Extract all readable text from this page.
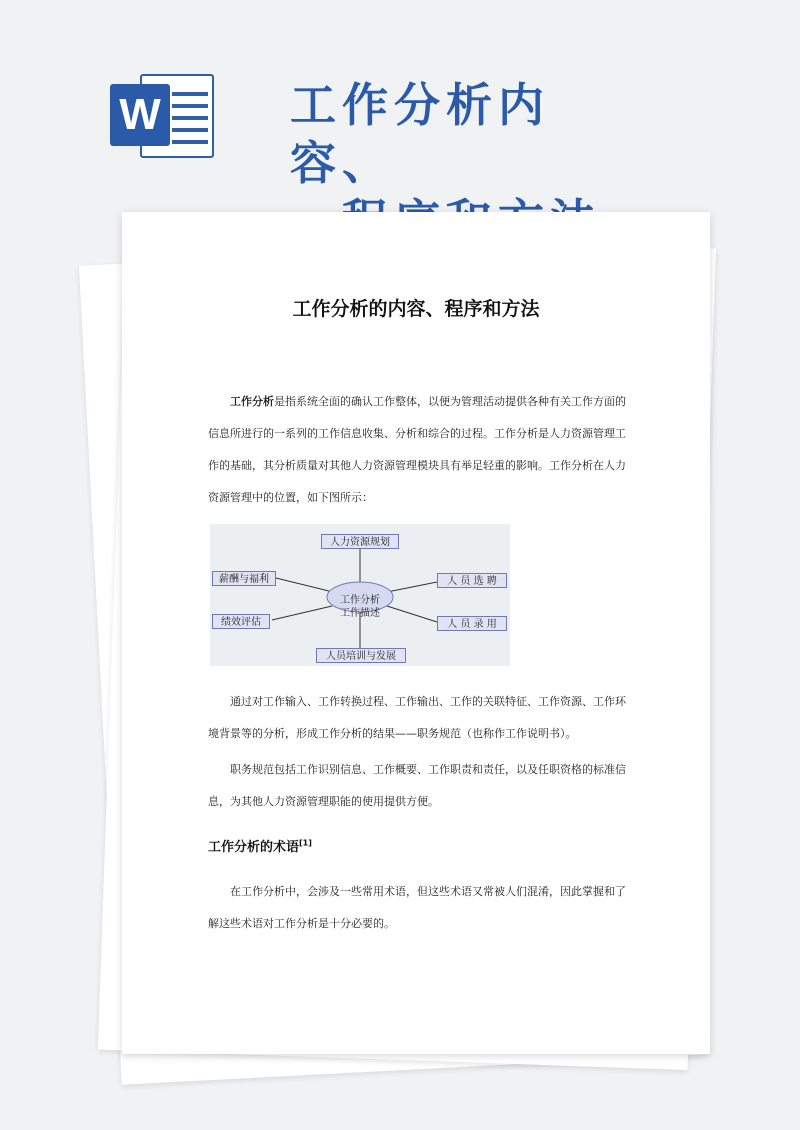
W	工作分析内容、
工作分析的内容、程序和方法

工作分析是指系统全面的确认工作整体，以便为管理活动提供各种有关工作方面的信息所进行的一系列的工作信息收集、分析和综合的过程。工作分析是人力资源管理工作的基础，其分析质量对其他人力资源管理模块具有举足轻重的影响。工作分析在人力资源管理中的位置，如下图所示：

工作分析
工作描述
人力资源规划
薪酬与福利
绩效评估
人 员 选 聘
人 员 录 用
人员培训与发展

通过对工作输入、工作转换过程、工作输出、工作的关联特征、工作资源、工作环境背景等的分析，形成工作分析的结果——职务规范（也称作工作说明书）。

职务规范包括工作识别信息、工作概要、工作职责和责任，以及任职资格的标准信息，为其他人力资源管理职能的使用提供方便。

工作分析的术语[1]

在工作分析中，会涉及一些常用术语，但这些术语又常被人们混淆，因此掌握和了解这些术语对工作分析是十分必要的。
